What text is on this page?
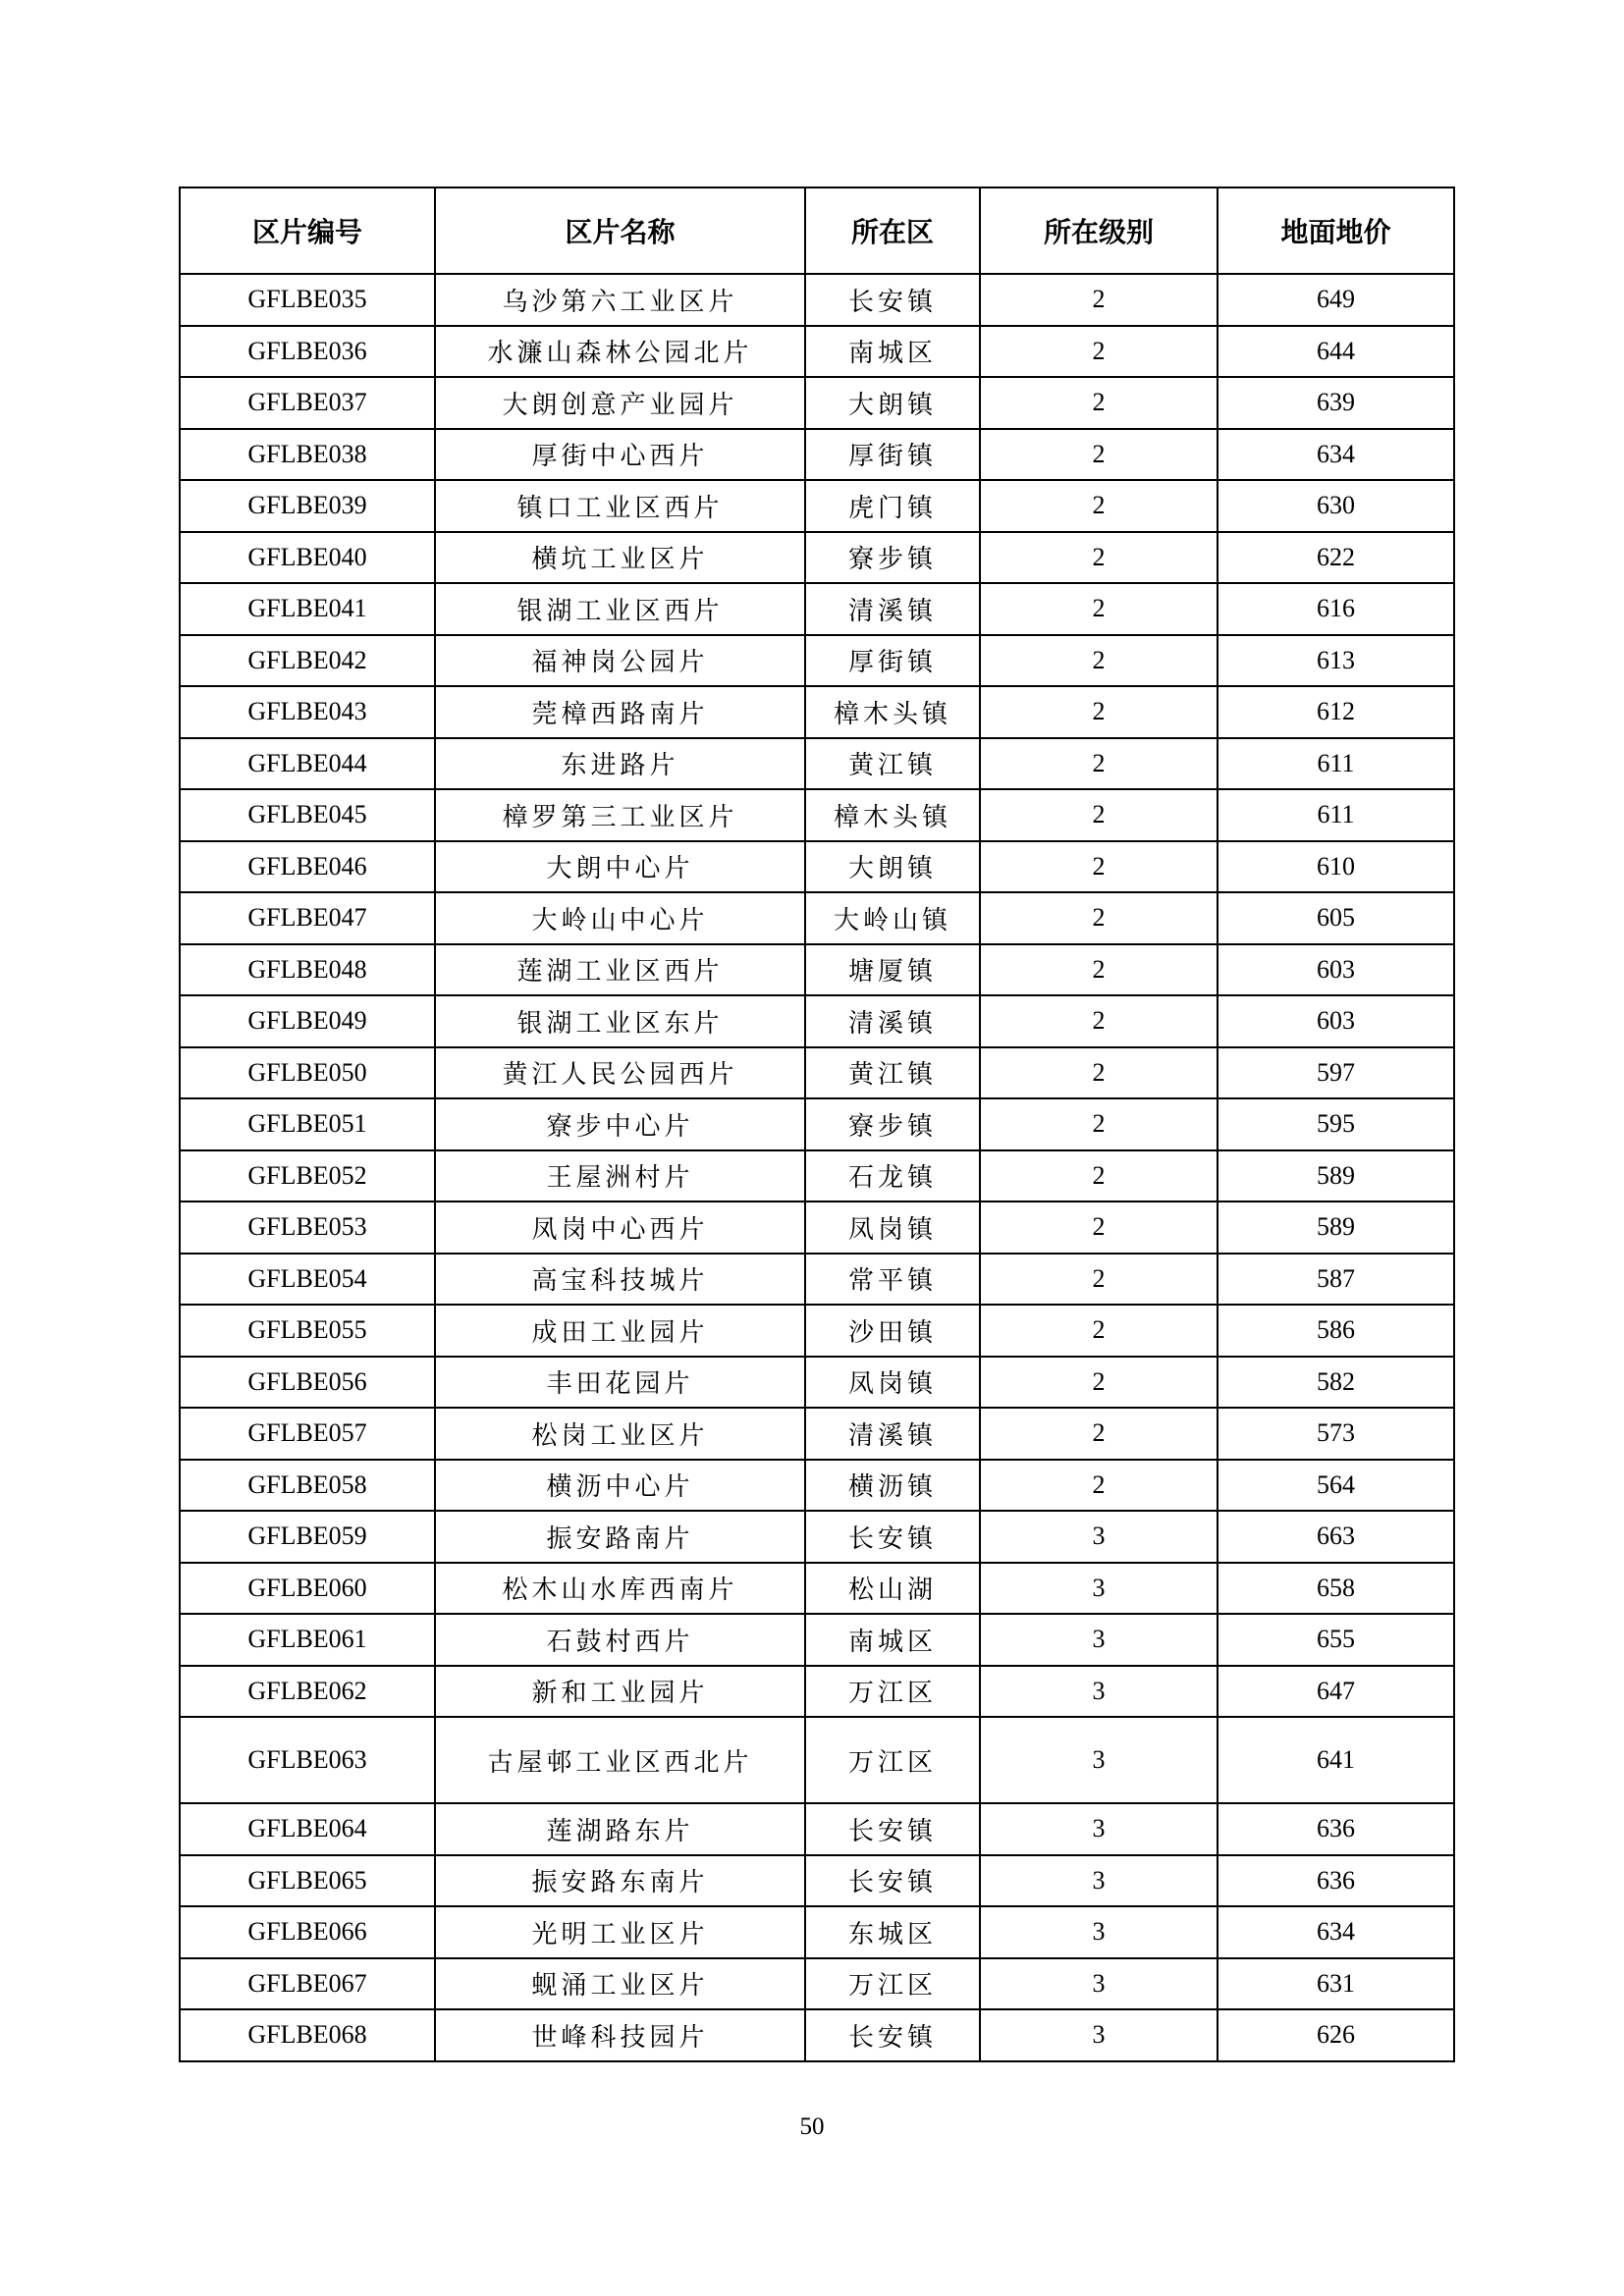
区片编号	区片名称	所在区	所在级别	地面地价
GFLBE035	乌沙第六工业区片	长安镇	2	649
GFLBE036	水濂山森林公园北片	南城区	2	644
GFLBE037	大朗创意产业园片	大朗镇	2	639
GFLBE038	厚街中心西片	厚街镇	2	634
GFLBE039	镇口工业区西片	虎门镇	2	630
GFLBE040	横坑工业区片	寮步镇	2	622
GFLBE041	银湖工业区西片	清溪镇	2	616
GFLBE042	福神岗公园片	厚街镇	2	613
GFLBE043	莞樟西路南片	樟木头镇	2	612
GFLBE044	东进路片	黄江镇	2	611
GFLBE045	樟罗第三工业区片	樟木头镇	2	611
GFLBE046	大朗中心片	大朗镇	2	610
GFLBE047	大岭山中心片	大岭山镇	2	605
GFLBE048	莲湖工业区西片	塘厦镇	2	603
GFLBE049	银湖工业区东片	清溪镇	2	603
GFLBE050	黄江人民公园西片	黄江镇	2	597
GFLBE051	寮步中心片	寮步镇	2	595
GFLBE052	王屋洲村片	石龙镇	2	589
GFLBE053	凤岗中心西片	凤岗镇	2	589
GFLBE054	高宝科技城片	常平镇	2	587
GFLBE055	成田工业园片	沙田镇	2	586
GFLBE056	丰田花园片	凤岗镇	2	582
GFLBE057	松岗工业区片	清溪镇	2	573
GFLBE058	横沥中心片	横沥镇	2	564
GFLBE059	振安路南片	长安镇	3	663
GFLBE060	松木山水库西南片	松山湖	3	658
GFLBE061	石鼓村西片	南城区	3	655
GFLBE062	新和工业园片	万江区	3	647
GFLBE063	古屋邨工业区西北片	万江区	3	641
GFLBE064	莲湖路东片	长安镇	3	636
GFLBE065	振安路东南片	长安镇	3	636
GFLBE066	光明工业区片	东城区	3	634
GFLBE067	蚬涌工业区片	万江区	3	631
GFLBE068	世峰科技园片	长安镇	3	626
50
